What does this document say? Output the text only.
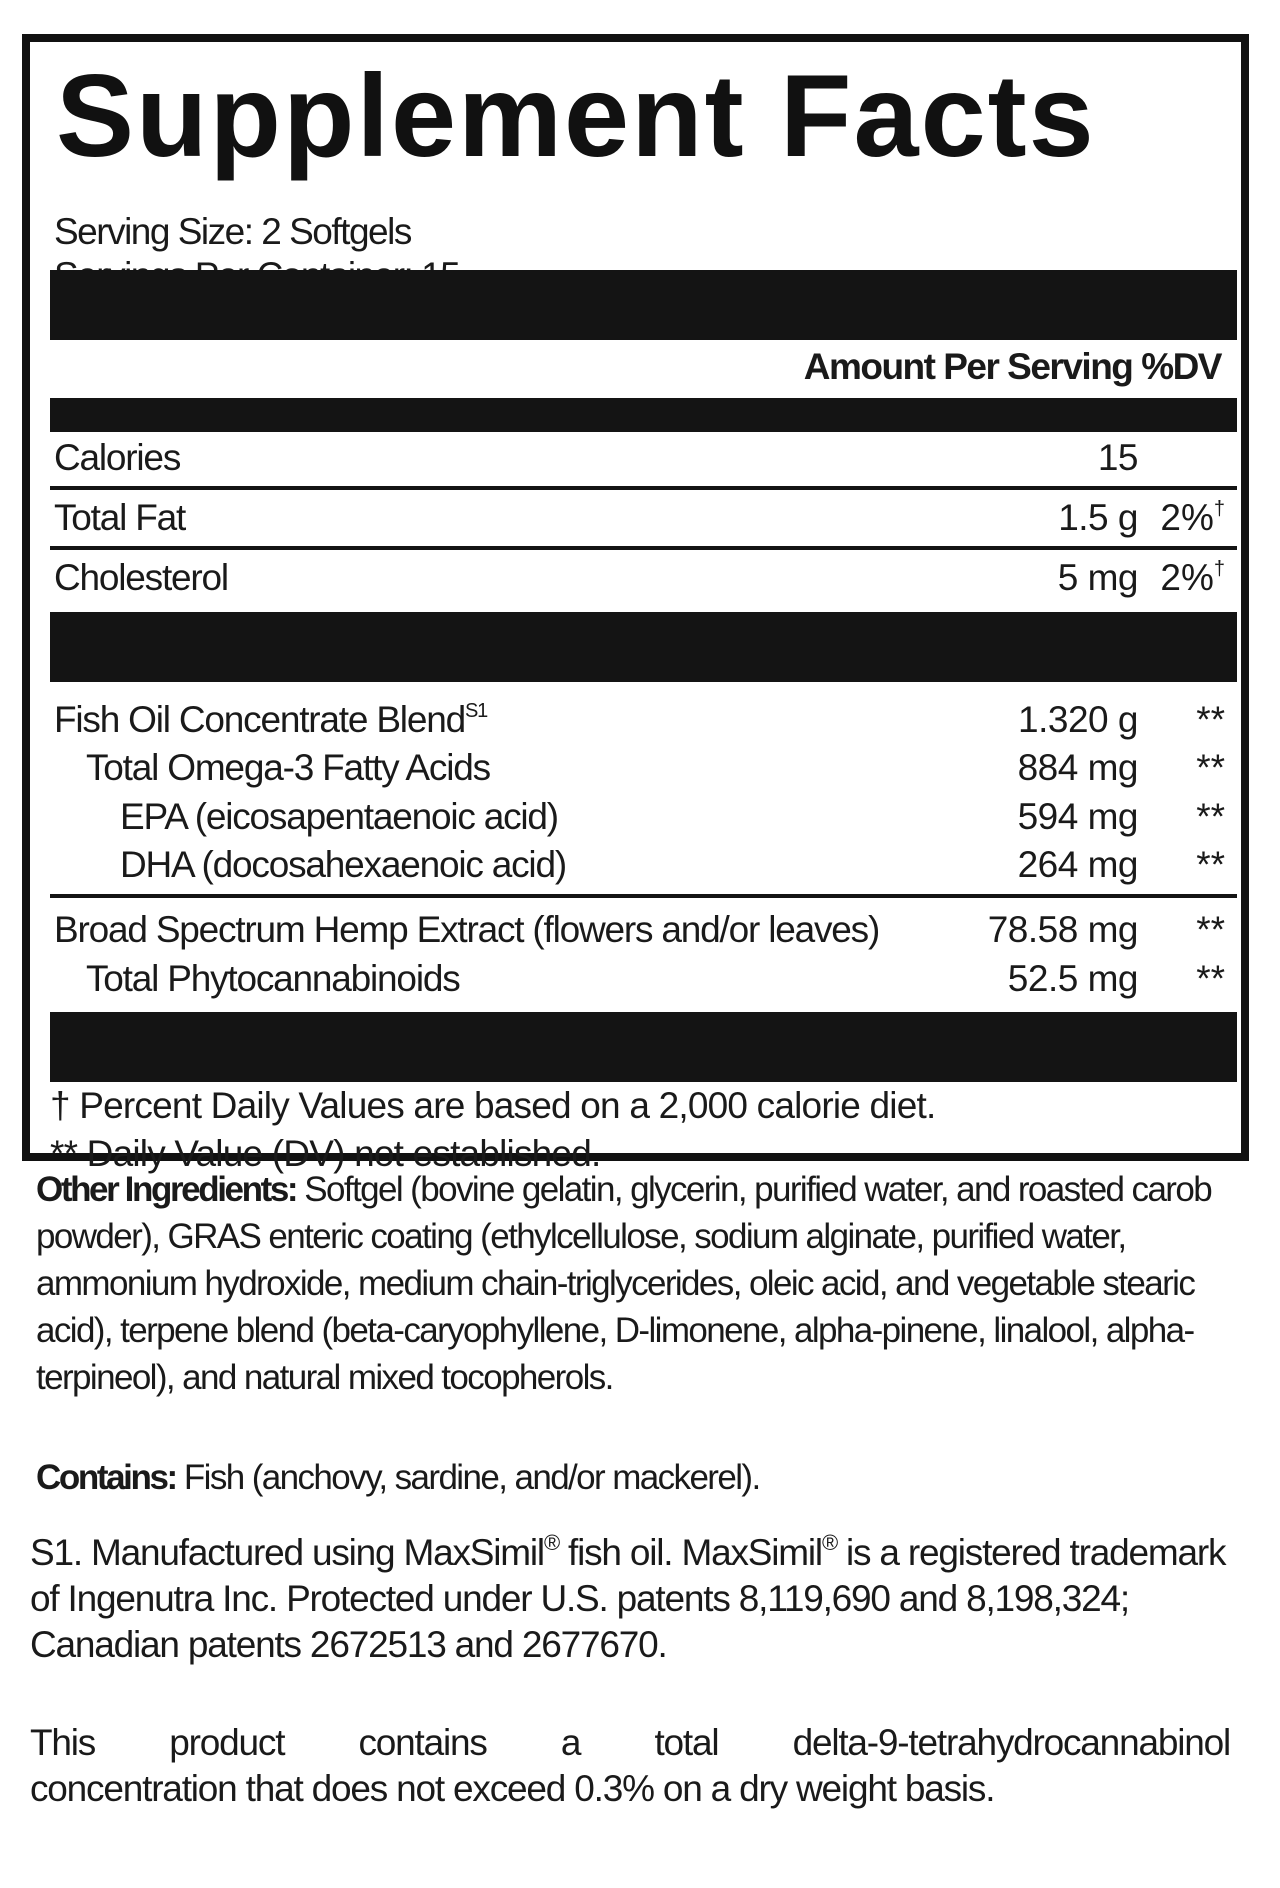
Supplement Facts
Serving Size: 2 Softgels
Amount Per Serving %DV
Calories	15
Total Fat	1.5 g 2%†
Cholesterol	5 mg 2%†
Fish Oil Concentrate Blend$^{S1}$	1.320 g **
Total Omega-3 Fatty Acids	884 mg **
EPA (eicosapentaenoic acid)	594 mg **
DHA (docosahexaenoic acid)	264 mg **
Broad Spectrum Hemp Extract (flowers and/or leaves)	78.58 mg **
Total Phytocannabinoids	52.5 mg **
† Percent Daily Values are based on a 2,000 calorie diet.
** Daily Value (DV) not established.
Other Ingredients: Softgel (bovine gelatin, glycerin, purified water, and roasted carob powder), GRAS enteric coating (ethylcellulose, sodium alginate, purified water, ammonium hydroxide, medium chain-triglycerides, oleic acid, and vegetable stearic acid), terpene blend (beta-caryophyllene, D-limonene, alpha-pinene, linalool, alpha-terpineol), and natural mixed tocopherols.
Contains: Fish (anchovy, sardine, and/or mackerel).
S1. Manufactured using MaxSimil® fish oil. MaxSimil® is a registered trademark of Ingenutra Inc. Protected under U.S. patents 8,119,690 and 8,198,324; Canadian patents 2672513 and 2677670.
This product contains a total delta-9-tetrahydrocannabinol
concentration that does not exceed 0.3% on a dry weight basis.
